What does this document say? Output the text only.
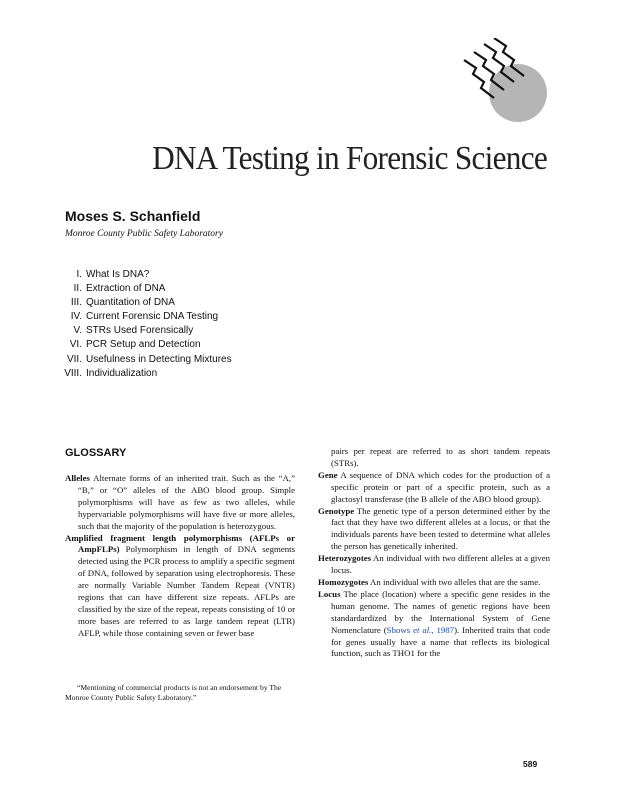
DNA Testing in Forensic Science
Moses S. Schanfield
Monroe County Public Safety Laboratory
I. What Is DNA?
II. Extraction of DNA
III. Quantitation of DNA
IV. Current Forensic DNA Testing
V. STRs Used Forensically
VI. PCR Setup and Detection
VII. Usefulness in Detecting Mixtures
VIII. Individualization
GLOSSARY
Alleles Alternate forms of an inherited trait. Such as the “A,” “B,” or “O” alleles of the ABO blood group. Simple polymorphisms will have as few as two alleles, while hypervariable polymorphisms will have five or more alleles, such that the majority of the population is heterozygous.
Amplified fragment length polymorphisms (AFLPs or AmpFLPs) Polymorphism in length of DNA segments detected using the PCR process to amplify a specific segment of DNA, followed by separation using electrophoresis. These are normally Variable Number Tandem Repeat (VNTR) regions that can have different size repeats. AFLPs are classified by the size of the repeat, repeats consisting of 10 or more bases are referred to as large tandem repeat (LTR) AFLP, while those containing seven or fewer base
pairs per repeat are referred to as short tandem repeats (STRs).
Gene A sequence of DNA which codes for the production of a specific protein or part of a specific protein, such as a glactosyl transferase (the B allele of the ABO blood group).
Genotype The genetic type of a person determined either by the fact that they have two different alleles at a locus, or that the individuals parents have been tested to determine what alleles the person has genetically inherited.
Heterozygotes An individual with two different alleles at a given locus.
Homozygotes An individual with two alleles that are the same.
Locus The place (location) where a specific gene resides in the human genome. The names of genetic regions have been standardardized by the International System of Gene Nomenclature (Shows et al., 1987). Inherited traits that code for genes usually have a name that reflects its biological function, such as THO1 for the
“Mentioning of commercial products is not an endorsement by The Monroe County Public Safety Laboratory.”
589
